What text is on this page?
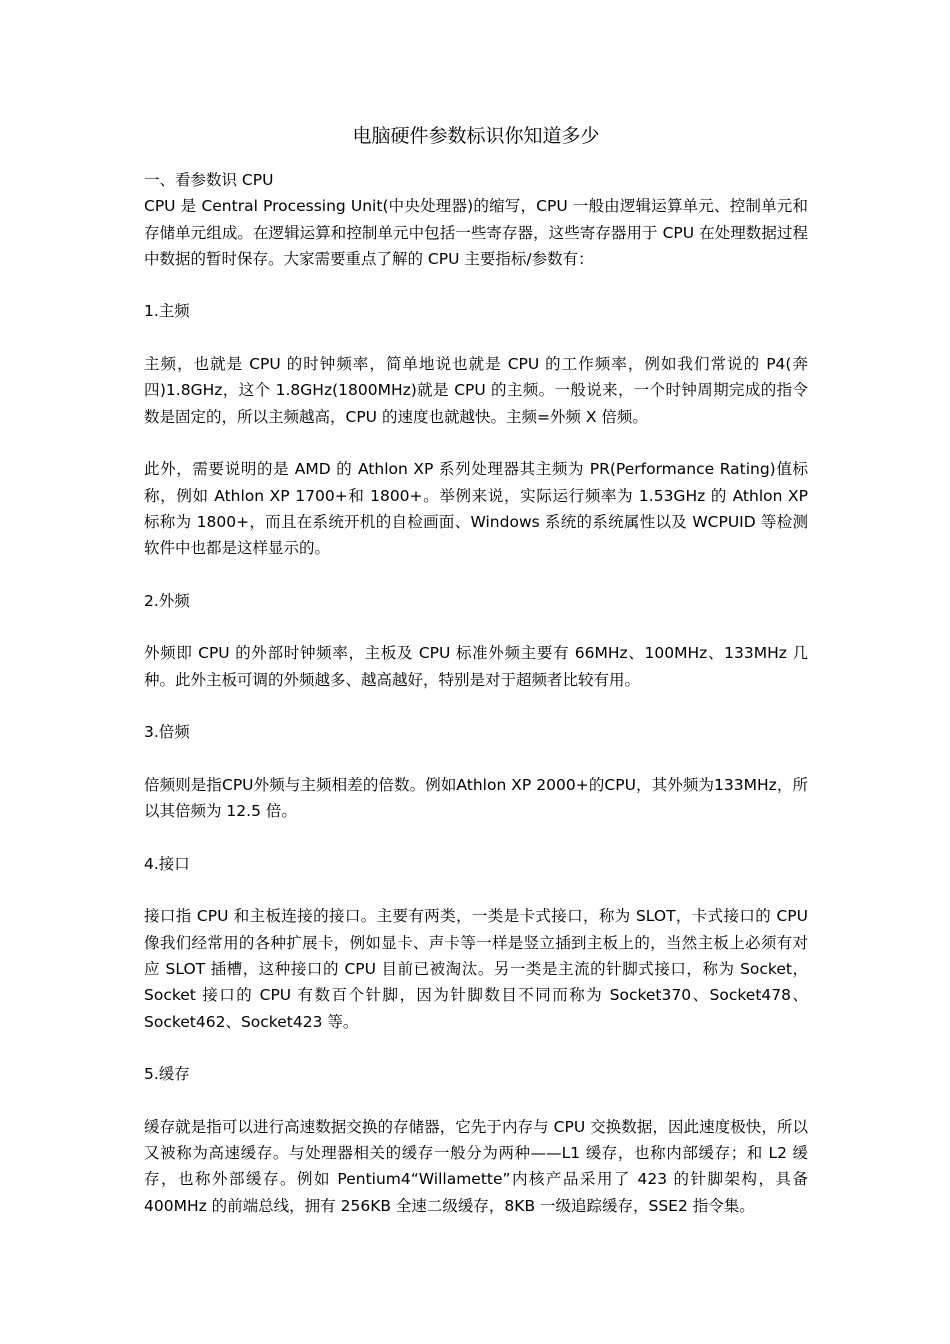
电脑硬件参数标识你知道多少

一、看参数识 CPU

CPU 是 Central Processing Unit(中央处理器)的缩写，CPU 一般由逻辑运算单元、控制单元和存储单元组成。在逻辑运算和控制单元中包括一些寄存器，这些寄存器用于 CPU 在处理数据过程中数据的暂时保存。大家需要重点了解的 CPU 主要指标/参数有：

1.主频

主频，也就是 CPU 的时钟频率，简单地说也就是 CPU 的工作频率，例如我们常说的 P4(奔四)1.8GHz，这个 1.8GHz(1800MHz)就是 CPU 的主频。一般说来，一个时钟周期完成的指令数是固定的，所以主频越高，CPU 的速度也就越快。主频=外频 X 倍频。

此外，需要说明的是 AMD 的 Athlon XP 系列处理器其主频为 PR(Performance Rating)值标称，例如 Athlon XP 1700+和 1800+。举例来说，实际运行频率为 1.53GHz 的 Athlon XP 标称为 1800+，而且在系统开机的自检画面、Windows 系统的系统属性以及 WCPUID 等检测软件中也都是这样显示的。

2.外频

外频即 CPU 的外部时钟频率，主板及 CPU 标准外频主要有 66MHz、100MHz、133MHz 几种。此外主板可调的外频越多、越高越好，特别是对于超频者比较有用。

3.倍频

倍频则是指CPU外频与主频相差的倍数。例如Athlon XP 2000+的CPU，其外频为133MHz，所以其倍频为 12.5 倍。

4.接口

接口指 CPU 和主板连接的接口。主要有两类，一类是卡式接口，称为 SLOT，卡式接口的 CPU 像我们经常用的各种扩展卡，例如显卡、声卡等一样是竖立插到主板上的，当然主板上必须有对应 SLOT 插槽，这种接口的 CPU 目前已被淘汰。另一类是主流的针脚式接口，称为 Socket，Socket 接口的 CPU 有数百个针脚，因为针脚数目不同而称为 Socket370、Socket478、Socket462、Socket423 等。

5.缓存

缓存就是指可以进行高速数据交换的存储器，它先于内存与 CPU 交换数据，因此速度极快，所以又被称为高速缓存。与处理器相关的缓存一般分为两种——L1 缓存，也称内部缓存；和 L2 缓存，也称外部缓存。例如 Pentium4“Willamette”内核产品采用了 423 的针脚架构，具备 400MHz 的前端总线，拥有 256KB 全速二级缓存，8KB 一级追踪缓存，SSE2 指令集。
